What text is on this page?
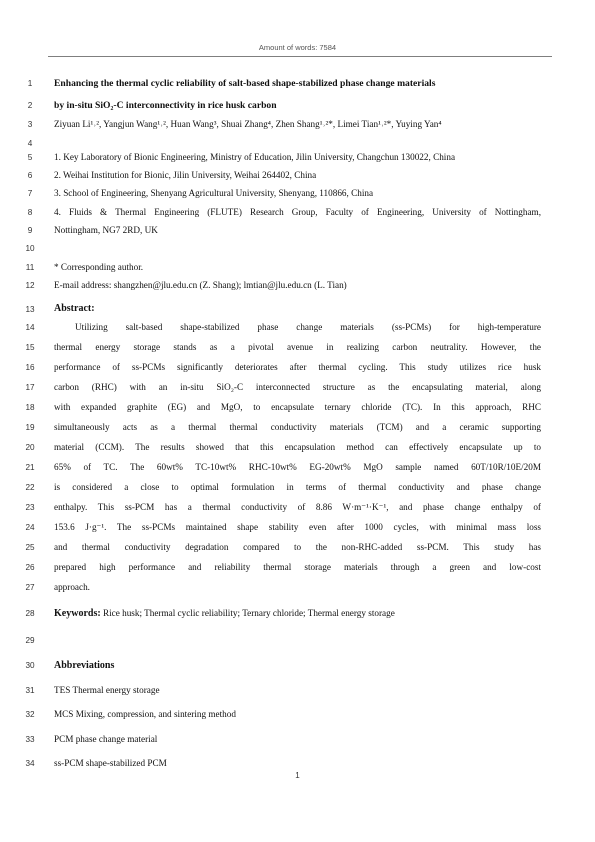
Amount of words: 7584
1
2
3
4
5
6
7
8
9
10
11
12
13
14
15
16
17
18
19
20
21
22
23
24
25
26
27
28
29
30
31
32
33
34
Enhancing the thermal cyclic reliability of salt-based shape-stabilized phase change materials
by in-situ SiO₂-C interconnectivity in rice husk carbon
Ziyuan Li¹˒², Yangjun Wang¹˒², Huan Wang³, Shuai Zhang⁴, Zhen Shang¹˒²*, Limei Tian¹˒²*, Yuying Yan⁴
1. Key Laboratory of Bionic Engineering, Ministry of Education, Jilin University, Changchun 130022, China
2. Weihai Institution for Bionic, Jilin University, Weihai 264402, China
3. School of Engineering, Shenyang Agricultural University, Shenyang, 110866, China
4. Fluids & Thermal Engineering (FLUTE) Research Group, Faculty of Engineering, University of Nottingham,
Nottingham, NG7 2RD, UK
* Corresponding author.
E-mail address: shangzhen@jlu.edu.cn (Z. Shang); lmtian@jlu.edu.cn (L. Tian)
Abstract:
Utilizing salt-based shape-stabilized phase change materials (ss-PCMs) for high-temperature
thermal energy storage stands as a pivotal avenue in realizing carbon neutrality. However, the
performance of ss-PCMs significantly deteriorates after thermal cycling. This study utilizes rice husk
carbon (RHC) with an in-situ SiO₂-C interconnected structure as the encapsulating material, along
with expanded graphite (EG) and MgO, to encapsulate ternary chloride (TC). In this approach, RHC
simultaneously acts as a thermal thermal conductivity materials (TCM) and a ceramic supporting
material (CCM). The results showed that this encapsulation method can effectively encapsulate up to
65% of TC. The 60wt% TC-10wt% RHC-10wt% EG-20wt% MgO sample named 60T/10R/10E/20M
is considered a close to optimal formulation in terms of thermal conductivity and phase change
enthalpy. This ss-PCM has a thermal conductivity of 8.86 W·m⁻¹·K⁻¹, and phase change enthalpy of
153.6 J·g⁻¹. The ss-PCMs maintained shape stability even after 1000 cycles, with minimal mass loss
and thermal conductivity degradation compared to the non-RHC-added ss-PCM. This study has
prepared high performance and reliability thermal storage materials through a green and low-cost
approach.
Keywords: Rice husk; Thermal cyclic reliability; Ternary chloride; Thermal energy storage
Abbreviations
TES Thermal energy storage
MCS Mixing, compression, and sintering method
PCM phase change material
ss-PCM shape-stabilized PCM
1
